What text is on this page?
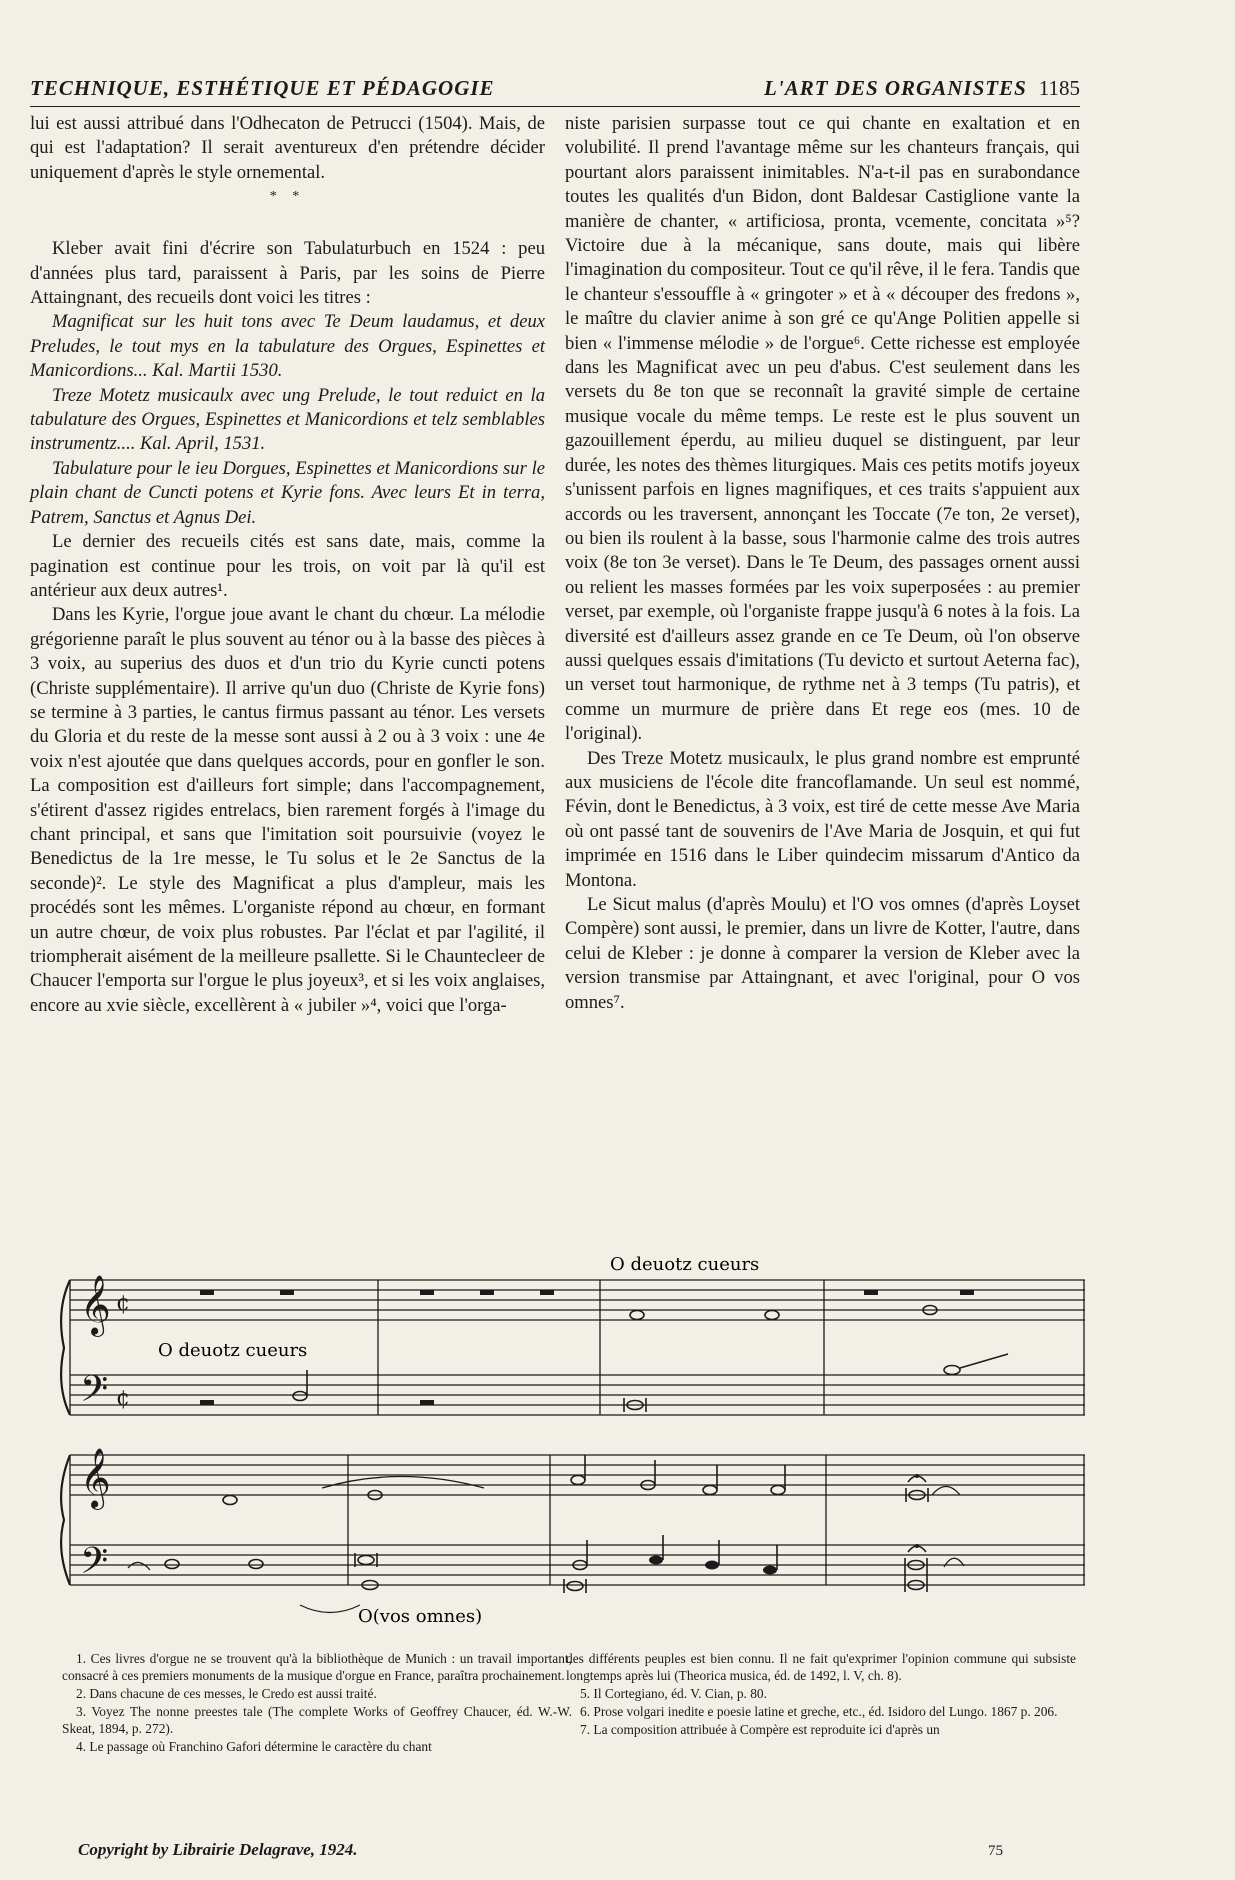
TECHNIQUE, ESTHÉTIQUE ET PÉDAGOGIE	L'ART DES ORGANISTES 1185

lui est aussi attribué dans l'Odhecaton de Petrucci (1504). Mais, de qui est l'adaptation? Il serait aventureux d'en prétendre décider uniquement d'après le style ornemental.

* *

Kleber avait fini d'écrire son Tabulaturbuch en 1524 : peu d'années plus tard, paraissent à Paris, par les soins de Pierre Attaingnant, des recueils dont voici les titres :

Magnificat sur les huit tons avec Te Deum laudamus, et deux Preludes, le tout mys en la tabulature des Orgues, Espinettes et Manicordions... Kal. Martii 1530.

Treze Motetz musicaulx avec ung Prelude, le tout reduict en la tabulature des Orgues, Espinettes et Manicordions et telz semblables instrumentz.... Kal. April, 1531.

Tabulature pour le ieu Dorgues, Espinettes et Manicordions sur le plain chant de Cuncti potens et Kyrie fons. Avec leurs Et in terra, Patrem, Sanctus et Agnus Dei.

Le dernier des recueils cités est sans date, mais, comme la pagination est continue pour les trois, on voit par là qu'il est antérieur aux deux autres¹.

Dans les Kyrie, l'orgue joue avant le chant du chœur. La mélodie grégorienne paraît le plus souvent au ténor ou à la basse des pièces à 3 voix, au superius des duos et d'un trio du Kyrie cuncti potens (Christe supplémentaire). Il arrive qu'un duo (Christe de Kyrie fons) se termine à 3 parties, le cantus firmus passant au ténor. Les versets du Gloria et du reste de la messe sont aussi à 2 ou à 3 voix : une 4e voix n'est ajoutée que dans quelques accords, pour en gonfler le son. La composition est d'ailleurs fort simple; dans l'accompagnement, s'étirent d'assez rigides entrelacs, bien rarement forgés à l'image du chant principal, et sans que l'imitation soit poursuivie (voyez le Benedictus de la 1re messe, le Tu solus et le 2e Sanctus de la seconde)². Le style des Magnificat a plus d'ampleur, mais les procédés sont les mêmes. L'organiste répond au chœur, en formant un autre chœur, de voix plus robustes. Par l'éclat et par l'agilité, il triompherait aisément de la meilleure psallette. Si le Chauntecleer de Chaucer l'emporta sur l'orgue le plus joyeux³, et si les voix anglaises, encore au xvie siècle, excellèrent à « jubiler »⁴, voici que l'orga-

niste parisien surpasse tout ce qui chante en exaltation et en volubilité. Il prend l'avantage même sur les chanteurs français, qui pourtant alors paraissent inimitables. N'a-t-il pas en surabondance toutes les qualités d'un Bidon, dont Baldesar Castiglione vante la manière de chanter, « artificiosa, pronta, vcemente, concitata »⁵? Victoire due à la mécanique, sans doute, mais qui libère l'imagination du compositeur. Tout ce qu'il rêve, il le fera. Tandis que le chanteur s'essouffle à « gringoter » et à « découper des fredons », le maître du clavier anime à son gré ce qu'Ange Politien appelle si bien « l'immense mélodie » de l'orgue⁶. Cette richesse est employée dans les Magnificat avec un peu d'abus. C'est seulement dans les versets du 8e ton que se reconnaît la gravité simple de certaine musique vocale du même temps. Le reste est le plus souvent un gazouillement éperdu, au milieu duquel se distinguent, par leur durée, les notes des thèmes liturgiques. Mais ces petits motifs joyeux s'unissent parfois en lignes magnifiques, et ces traits s'appuient aux accords ou les traversent, annonçant les Toccate (7e ton, 2e verset), ou bien ils roulent à la basse, sous l'harmonie calme des trois autres voix (8e ton 3e verset). Dans le Te Deum, des passages ornent aussi ou relient les masses formées par les voix superposées : au premier verset, par exemple, où l'organiste frappe jusqu'à 6 notes à la fois. La diversité est d'ailleurs assez grande en ce Te Deum, où l'on observe aussi quelques essais d'imitations (Tu devicto et surtout Aeterna fac), un verset tout harmonique, de rythme net à 3 temps (Tu patris), et comme un murmure de prière dans Et rege eos (mes. 10 de l'original).

Des Treze Motetz musicaulx, le plus grand nombre est emprunté aux musiciens de l'école dite francoflamande. Un seul est nommé, Févin, dont le Benedictus, à 3 voix, est tiré de cette messe Ave Maria où ont passé tant de souvenirs de l'Ave Maria de Josquin, et qui fut imprimée en 1516 dans le Liber quindecim missarum d'Antico da Montona.

Le Sicut malus (d'après Moulu) et l'O vos omnes (d'après Loyset Compère) sont aussi, le premier, dans un livre de Kotter, l'autre, dans celui de Kleber : je donne à comparer la version de Kleber avec la version transmise par Attaingnant, et avec l'original, pour O vos omnes⁷.

𝄞
𝄢
¢
¢
𝄞
𝄢
O deuotz cueurs
O deuotz cueurs
O(vos omnes)

1. Ces livres d'orgue ne se trouvent qu'à la bibliothèque de Munich : un travail important, consacré à ces premiers monuments de la musique d'orgue en France, paraîtra prochainement.

2. Dans chacune de ces messes, le Credo est aussi traité.

3. Voyez The nonne preestes tale (The complete Works of Geoffrey Chaucer, éd. W.-W. Skeat, 1894, p. 272).

4. Le passage où Franchino Gafori détermine le caractère du chant

des différents peuples est bien connu. Il ne fait qu'exprimer l'opinion commune qui subsiste longtemps après lui (Theorica musica, éd. de 1492, l. V, ch. 8).

5. Il Cortegiano, éd. V. Cian, p. 80.

6. Prose volgari inedite e poesie latine et greche, etc., éd. Isidoro del Lungo. 1867 p. 206.

7. La composition attribuée à Compère est reproduite ici d'après un

Copyright by Librairie Delagrave, 1924.	75
